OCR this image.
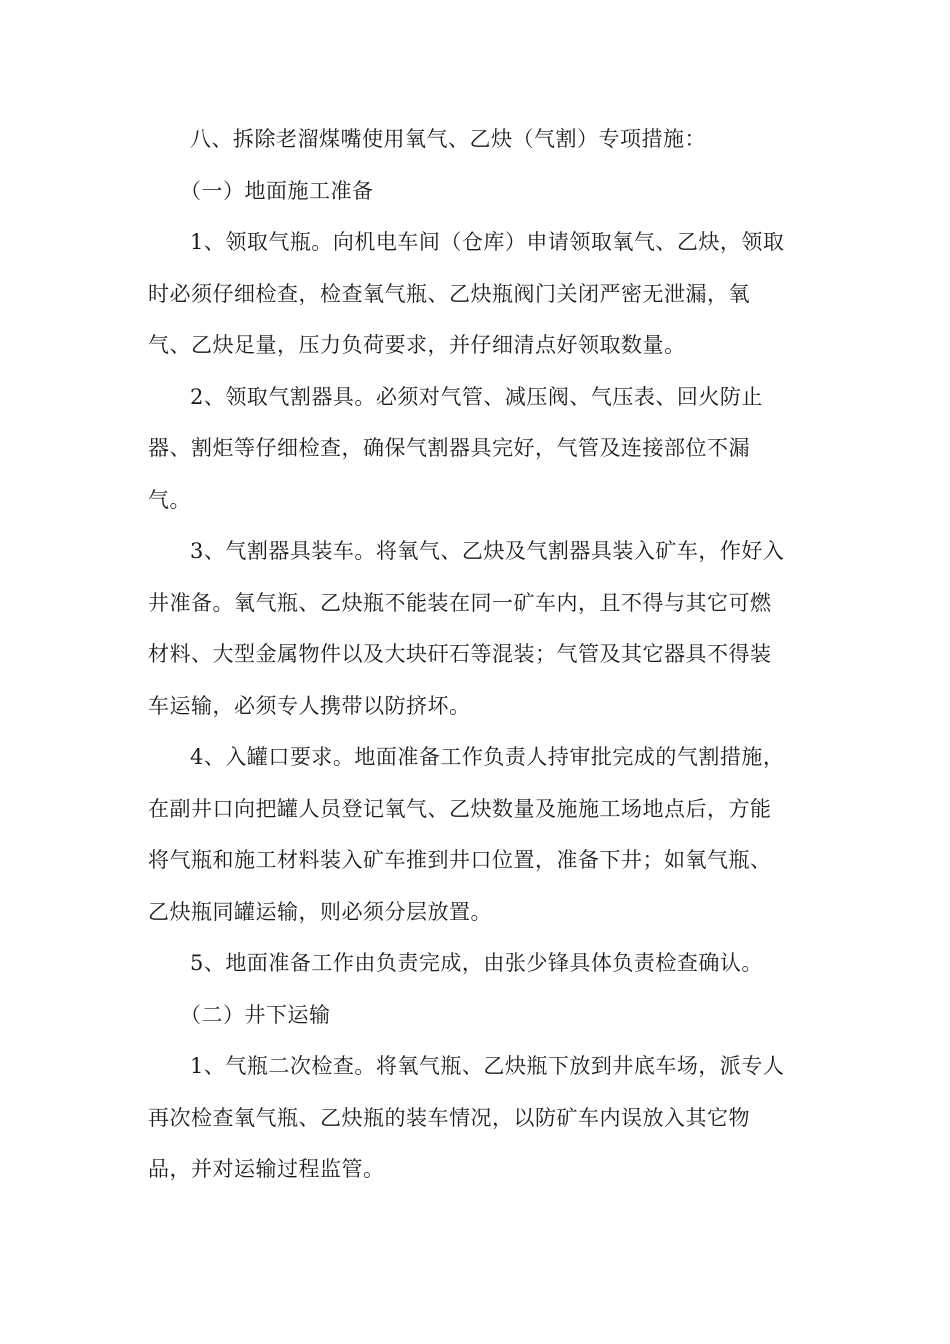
八、拆除老溜煤嘴使用氧气、乙炔（气割）专项措施：
（一）地面施工准备
1、领取气瓶。向机电车间（仓库）申请领取氧气、乙炔，领取
时必须仔细检查，检查氧气瓶、乙炔瓶阀门关闭严密无泄漏，氧
气、乙炔足量，压力负荷要求，并仔细清点好领取数量。
2、领取气割器具。必须对气管、减压阀、气压表、回火防止
器、割炬等仔细检查，确保气割器具完好，气管及连接部位不漏
气。
3、气割器具装车。将氧气、乙炔及气割器具装入矿车，作好入
井准备。氧气瓶、乙炔瓶不能装在同一矿车内，且不得与其它可燃
材料、大型金属物件以及大块矸石等混装；气管及其它器具不得装
车运输，必须专人携带以防挤坏。
4、入罐口要求。地面准备工作负责人持审批完成的气割措施，
在副井口向把罐人员登记氧气、乙炔数量及施施工场地点后，方能
将气瓶和施工材料装入矿车推到井口位置，准备下井；如氧气瓶、
乙炔瓶同罐运输，则必须分层放置。
5、地面准备工作由负责完成，由张少锋具体负责检查确认。
（二）井下运输
1、气瓶二次检查。将氧气瓶、乙炔瓶下放到井底车场，派专人
再次检查氧气瓶、乙炔瓶的装车情况，以防矿车内误放入其它物
品，并对运输过程监管。
